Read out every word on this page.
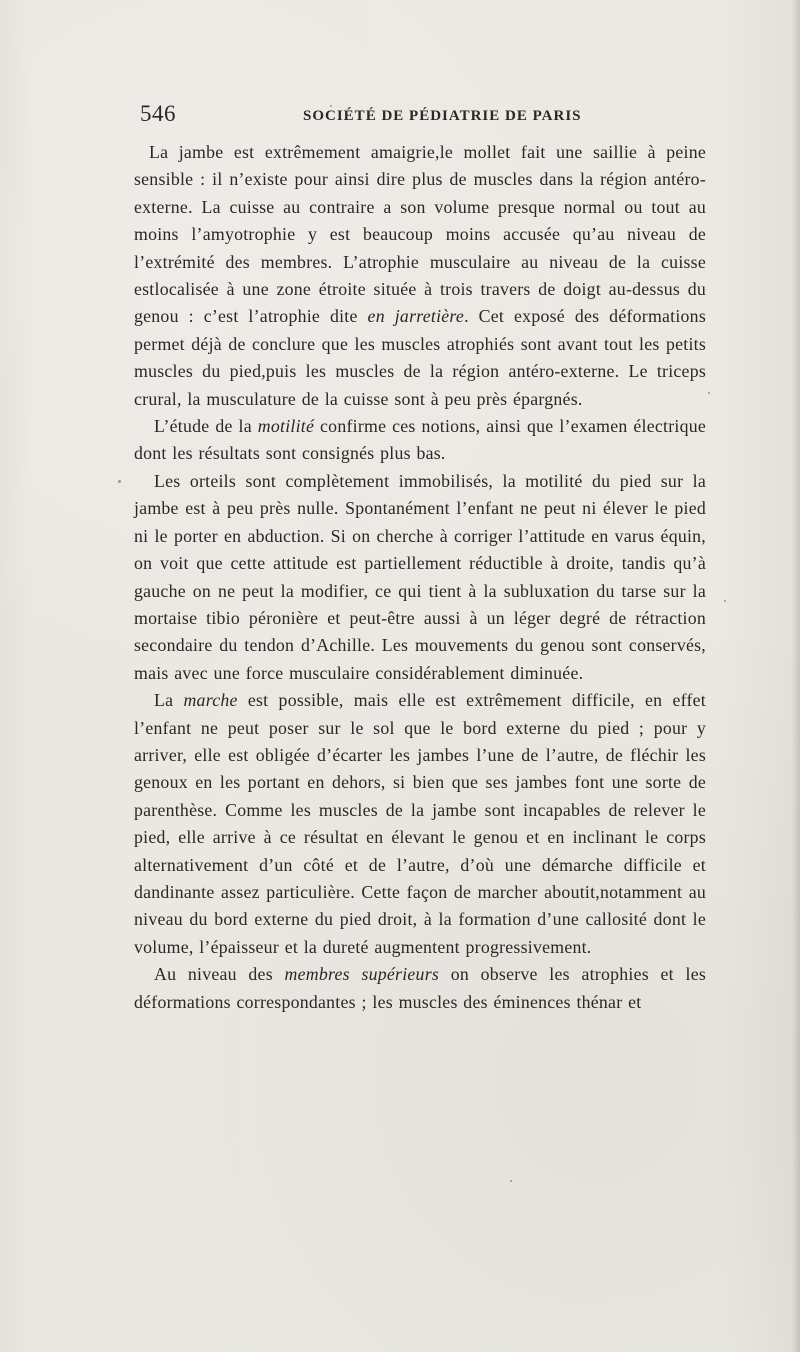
546	SOCIÉTÉ DE PÉDIATRIE DE PARIS

La jambe est extrêmement amaigrie,le mollet fait une saillie à peine sensible : il n’existe pour ainsi dire plus de muscles dans la région antéro-externe. La cuisse au contraire a son volume presque normal ou tout au moins l’amyotrophie y est beaucoup moins accusée qu’au niveau de l’extrémité des membres. L’atrophie musculaire au niveau de la cuisse estlocalisée à une zone étroite située à trois travers de doigt au-dessus du genou : c’est l’atrophie dite en jarretière. Cet exposé des déformations permet déjà de conclure que les muscles atrophiés sont avant tout les petits muscles du pied,puis les muscles de la région antéro-externe. Le triceps crural, la musculature de la cuisse sont à peu près épargnés.

L’étude de la motilité confirme ces notions, ainsi que l’examen électrique dont les résultats sont consignés plus bas.

Les orteils sont complètement immobilisés, la motilité du pied sur la jambe est à peu près nulle. Spontanément l’enfant ne peut ni élever le pied ni le porter en abduction. Si on cherche à corriger l’attitude en varus équin, on voit que cette attitude est partiellement réductible à droite, tandis qu’à gauche on ne peut la modifier, ce qui tient à la subluxation du tarse sur la mortaise tibio péronière et peut-être aussi à un léger degré de rétraction secondaire du tendon d’Achille. Les mouvements du genou sont conservés, mais avec une force musculaire considérablement diminuée.

La marche est possible, mais elle est extrêmement difficile, en effet l’enfant ne peut poser sur le sol que le bord externe du pied ; pour y arriver, elle est obligée d’écarter les jambes l’une de l’autre, de fléchir les genoux en les portant en dehors, si bien que ses jambes font une sorte de parenthèse. Comme les muscles de la jambe sont incapables de relever le pied, elle arrive à ce résultat en élevant le genou et en inclinant le corps alternativement d’un côté et de l’autre, d’où une démarche difficile et dandinante assez particulière. Cette façon de marcher aboutit,notamment au niveau du bord externe du pied droit, à la formation d’une callosité dont le volume, l’épaisseur et la dureté augmentent progressivement.

Au niveau des membres supérieurs on observe les atrophies et les déformations correspondantes ; les muscles des éminences thénar et
